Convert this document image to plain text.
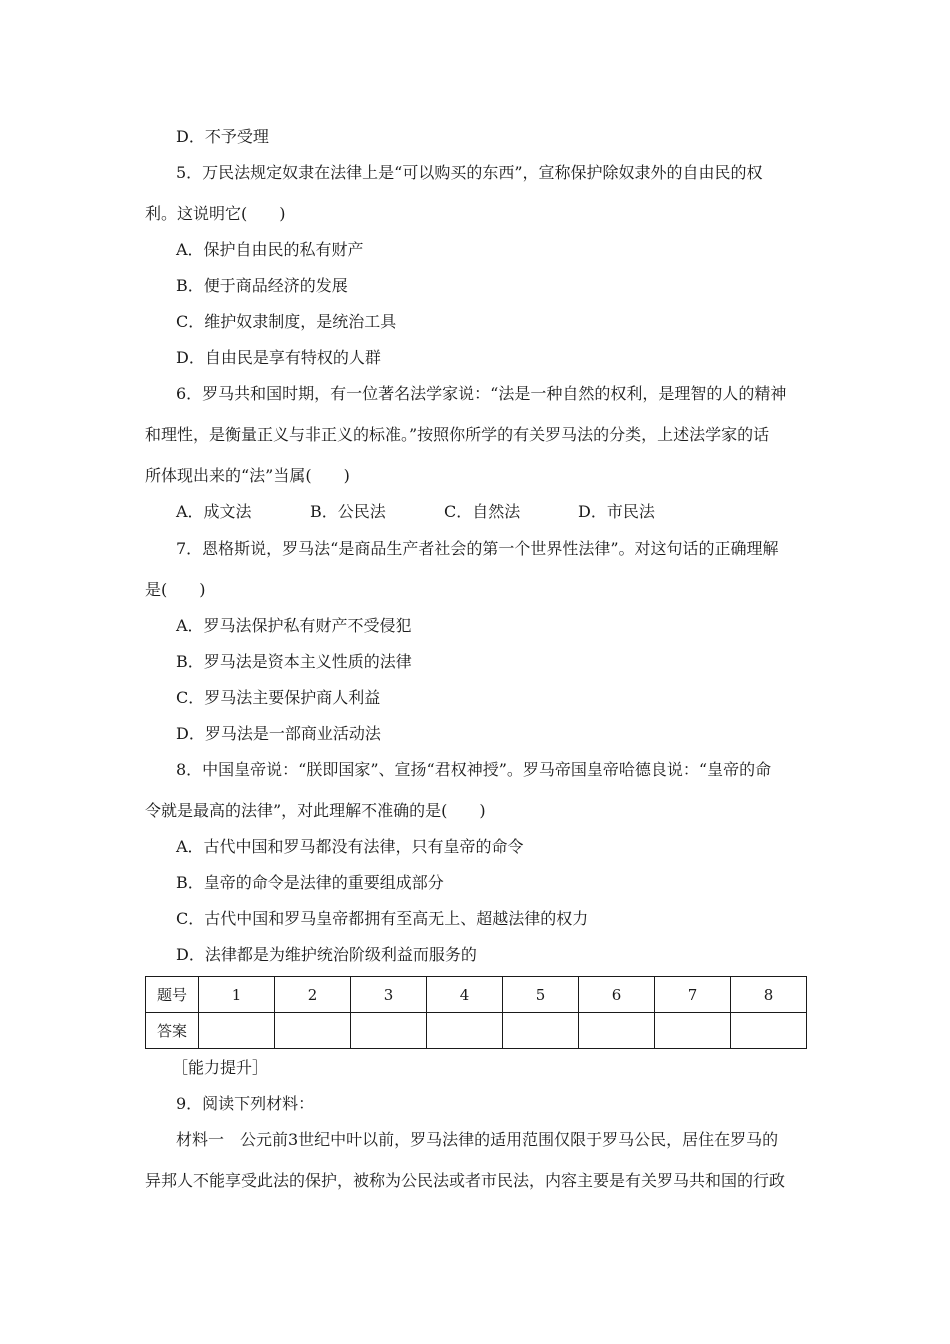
D．不予受理
5．万民法规定奴隶在法律上是“可以购买的东西”，宣称保护除奴隶外的自由民的权
利。这说明它(　　)
A．保护自由民的私有财产
B．便于商品经济的发展
C．维护奴隶制度，是统治工具
D．自由民是享有特权的人群
6．罗马共和国时期，有一位著名法学家说：“法是一种自然的权利，是理智的人的精神
和理性，是衡量正义与非正义的标准。”按照你所学的有关罗马法的分类，上述法学家的话
所体现出来的“法”当属(　　)
A．成文法	B．公民法	C．自然法	D．市民法
7．恩格斯说，罗马法“是商品生产者社会的第一个世界性法律”。对这句话的正确理解
是(　　)
A．罗马法保护私有财产不受侵犯
B．罗马法是资本主义性质的法律
C．罗马法主要保护商人利益
D．罗马法是一部商业活动法
8．中国皇帝说：“朕即国家”、宣扬“君权神授”。罗马帝国皇帝哈德良说：“皇帝的命
令就是最高的法律”，对此理解不准确的是(　　)
A．古代中国和罗马都没有法律，只有皇帝的命令
B．皇帝的命令是法律的重要组成部分
C．古代中国和罗马皇帝都拥有至高无上、超越法律的权力
D．法律都是为维护统治阶级利益而服务的
题号	1	2	3	4	5	6	7	8
答案								
［能力提升］
9．阅读下列材料：
材料一　公元前3世纪中叶以前，罗马法律的适用范围仅限于罗马公民，居住在罗马的
异邦人不能享受此法的保护，被称为公民法或者市民法，内容主要是有关罗马共和国的行政
